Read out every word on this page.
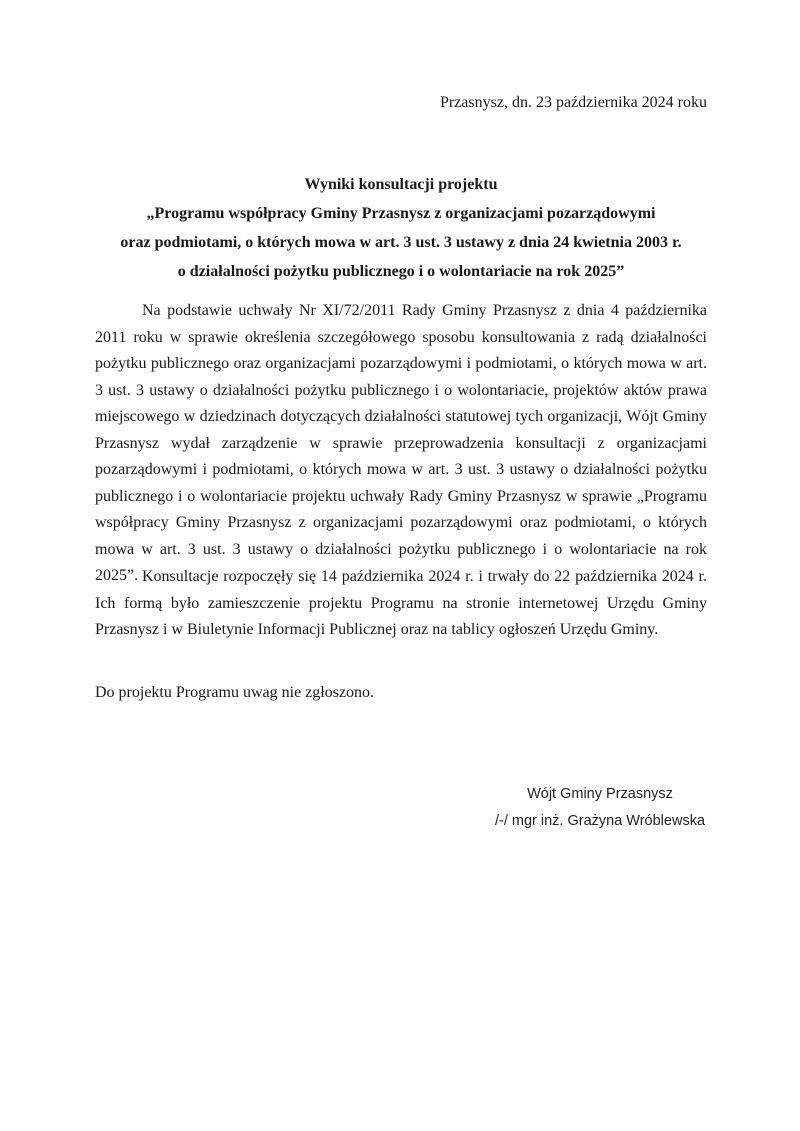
Przasnysz, dn. 23 października 2024 roku
Wyniki konsultacji projektu
„Programu współpracy Gminy Przasnysz z organizacjami pozarządowymi
oraz podmiotami, o których mowa w art. 3 ust. 3 ustawy z dnia 24 kwietnia 2003 r.
o działalności pożytku publicznego i o wolontariacie na rok 2025”

Na podstawie uchwały Nr XI/72/2011 Rady Gminy Przasnysz z dnia 4 października 2011 roku w sprawie określenia szczegółowego sposobu konsultowania z radą działalności pożytku publicznego oraz organizacjami pozarządowymi i podmiotami, o których mowa w art. 3 ust. 3 ustawy o działalności pożytku publicznego i o wolontariacie, projektów aktów prawa miejscowego w dziedzinach dotyczących działalności statutowej tych organizacji, Wójt Gminy Przasnysz wydał zarządzenie w sprawie przeprowadzenia konsultacji z organizacjami pozarządowymi i podmiotami, o których mowa w art. 3 ust. 3 ustawy o działalności pożytku publicznego i o wolontariacie projektu uchwały Rady Gminy Przasnysz w sprawie „Programu współpracy Gminy Przasnysz z organizacjami pozarządowymi oraz podmiotami, o których mowa w art. 3 ust. 3 ustawy o działalności pożytku publicznego i o wolontariacie na rok 2025”. Konsultacje rozpoczęły się 14 października 2024 r. i trwały do 22 października 2024 r. Ich formą było zamieszczenie projektu Programu na stronie internetowej Urzędu Gminy Przasnysz i w Biuletynie Informacji Publicznej oraz na tablicy ogłoszeń Urzędu Gminy.

Do projektu Programu uwag nie zgłoszono.

Wójt Gminy Przasnysz
/-/ mgr inż. Grażyna Wróblewska
